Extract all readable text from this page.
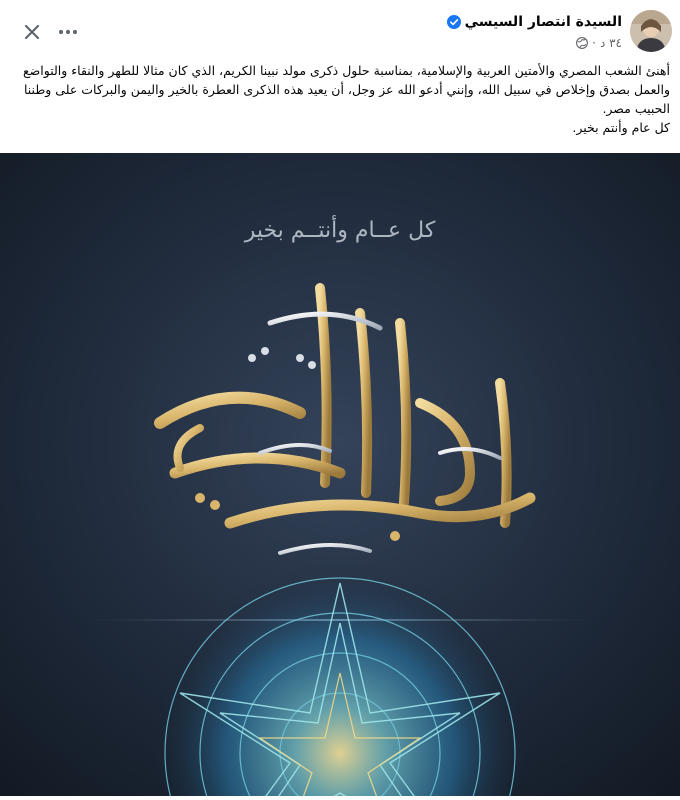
السيدة انتصار السيسي
٣٤ د
·

أهنئ الشعب المصري والأمتين العربية والإسلامية، بمناسبة حلول ذكرى مولد نبينا الكريم، الذي كان مثالا للطهر والنقاء والتواضع والعمل بصدق وإخلاص في سبيل الله، وإنني أدعو الله عز وجل، أن يعيد هذه الذكرى العطرة بالخير واليمن والبركات على وطننا الحبيب مصر.

كل عام وأنتم بخير.

كل عــام وأنتــم بخير
المولد النبوي الشريف
